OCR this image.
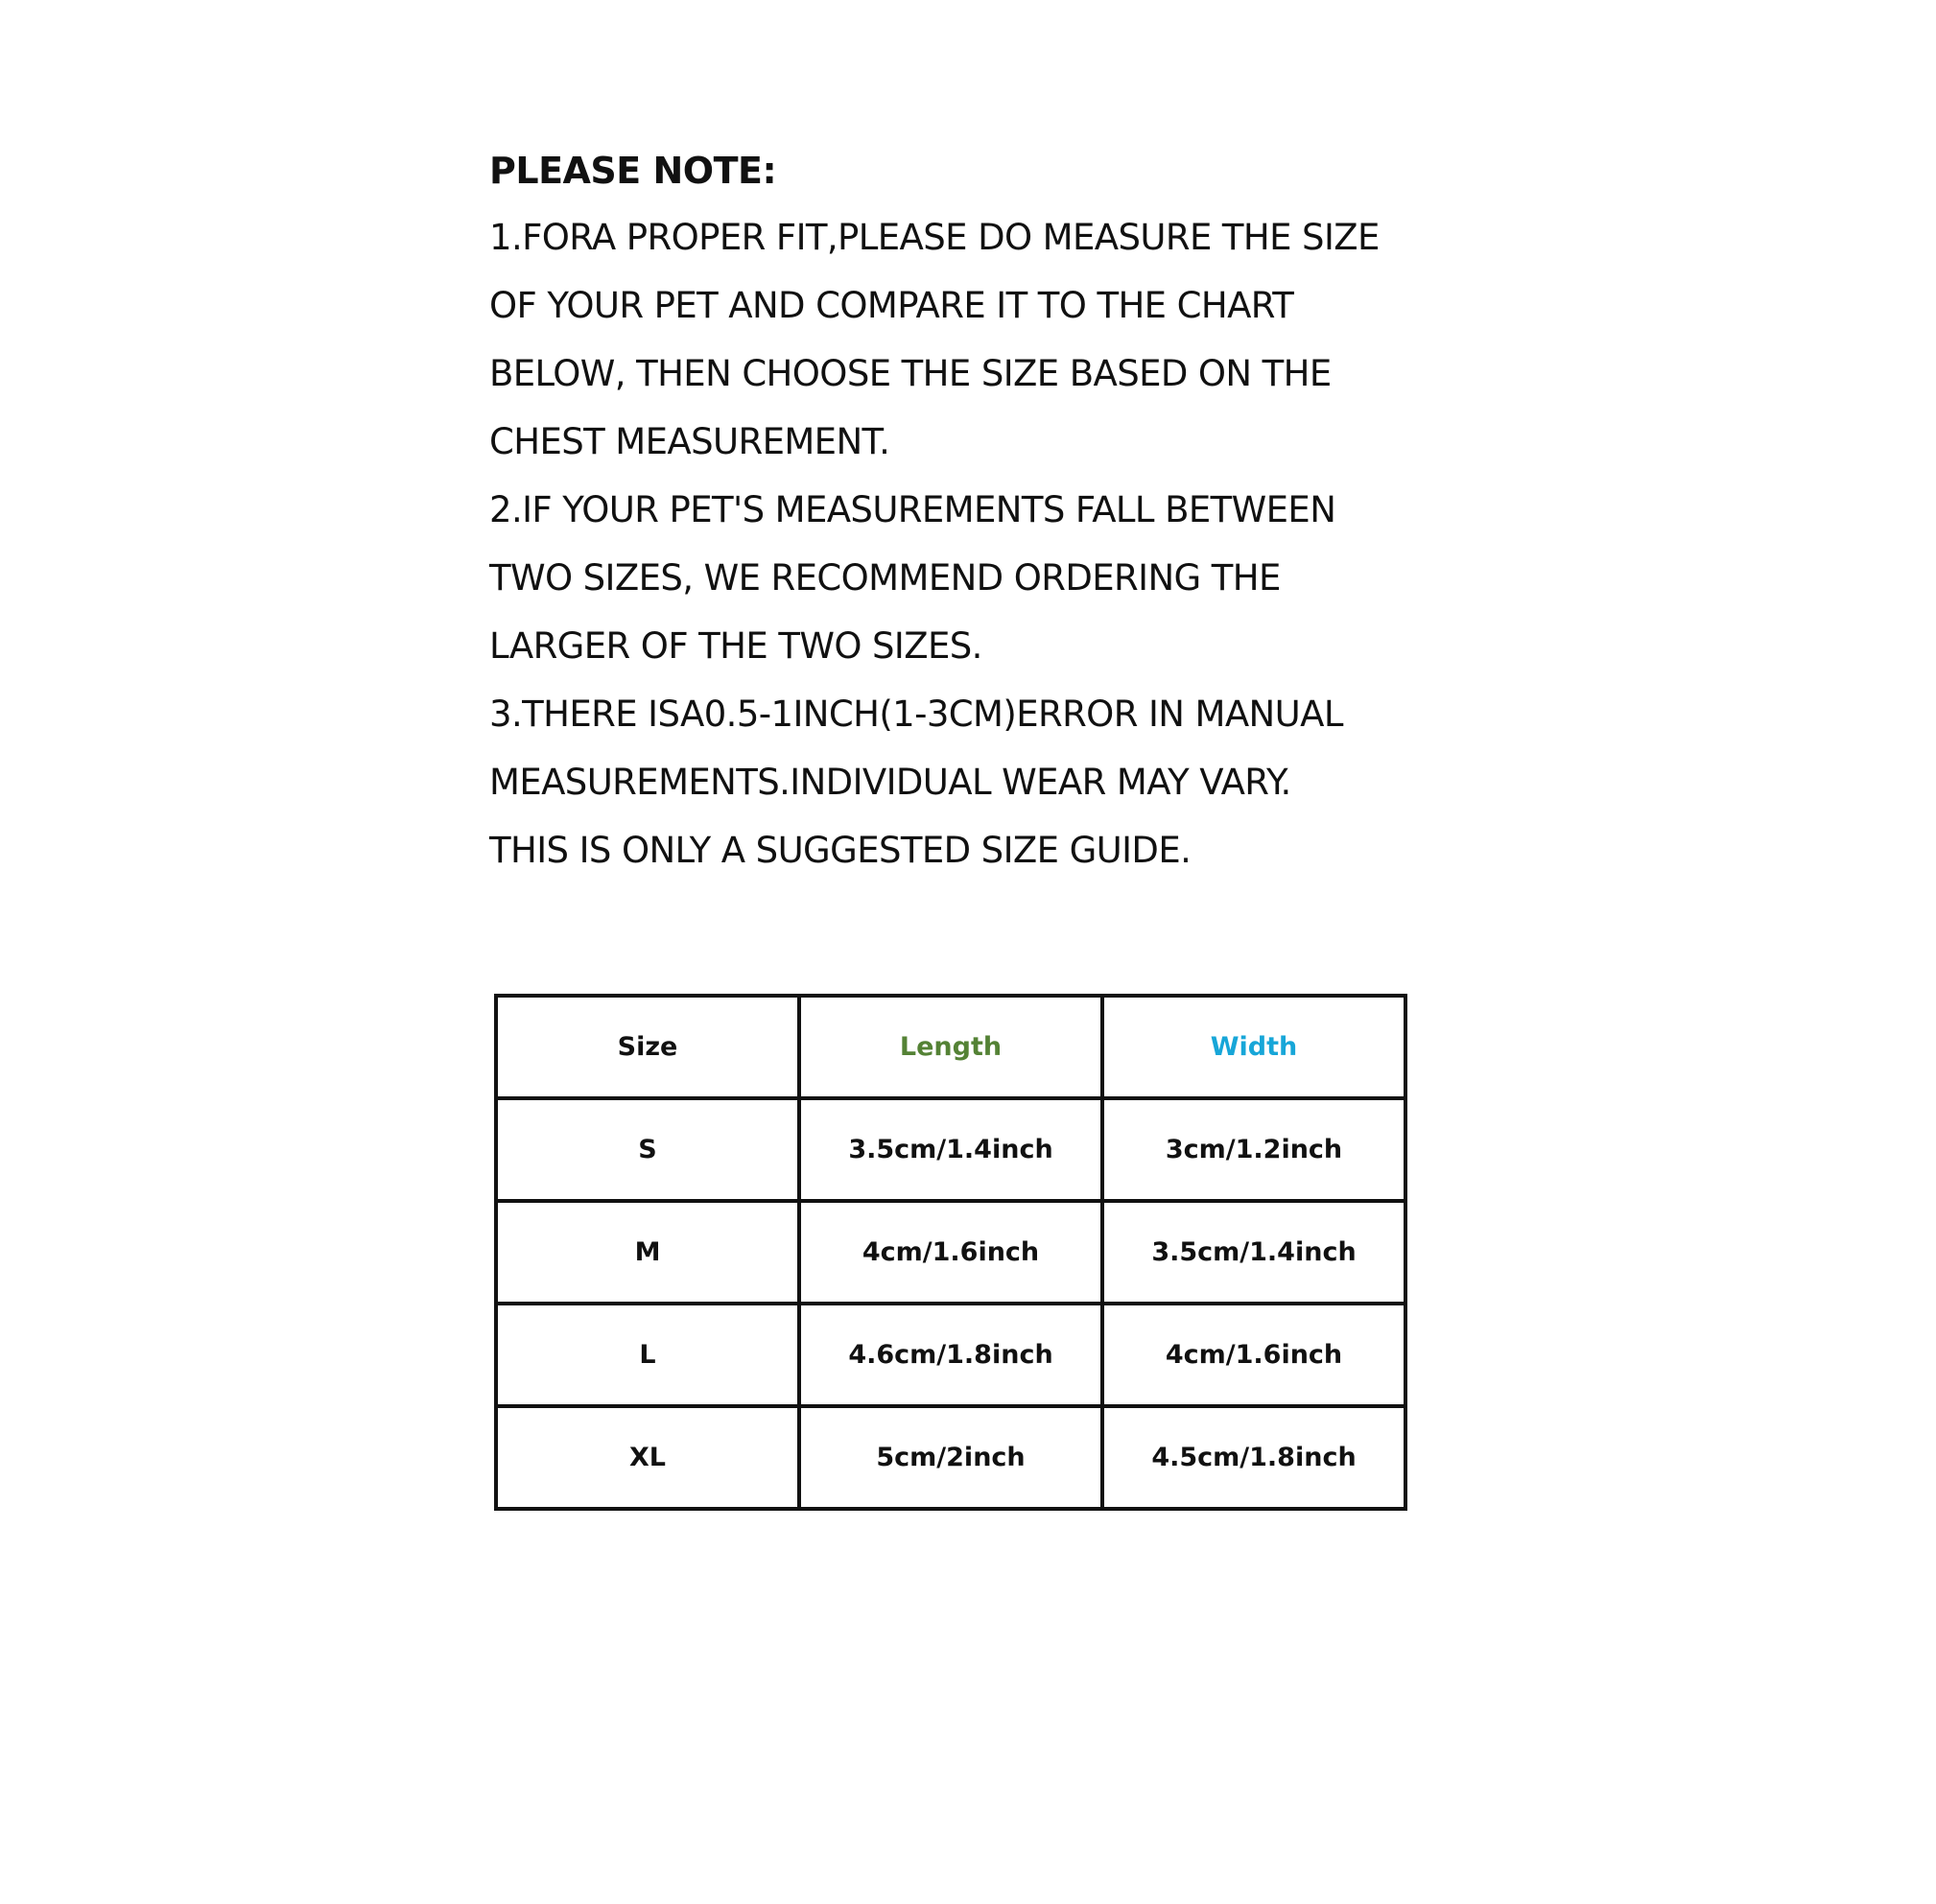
PLEASE NOTE:
1.FORA PROPER FIT,PLEASE DO MEASURE THE SIZE
OF YOUR PET AND COMPARE IT TO THE CHART
BELOW, THEN CHOOSE THE SIZE BASED ON THE
CHEST MEASUREMENT.
2.IF YOUR PET'S MEASUREMENTS FALL BETWEEN
TWO SIZES, WE RECOMMEND ORDERING THE
LARGER OF THE TWO SIZES.
3.THERE ISA0.5-1INCH(1-3CM)ERROR IN MANUAL
MEASUREMENTS.INDIVIDUAL WEAR MAY VARY.
THIS IS ONLY A SUGGESTED SIZE GUIDE.
Size	Length	Width
S	3.5cm/1.4inch	3cm/1.2inch
M	4cm/1.6inch	3.5cm/1.4inch
L	4.6cm/1.8inch	4cm/1.6inch
XL	5cm/2inch	4.5cm/1.8inch
